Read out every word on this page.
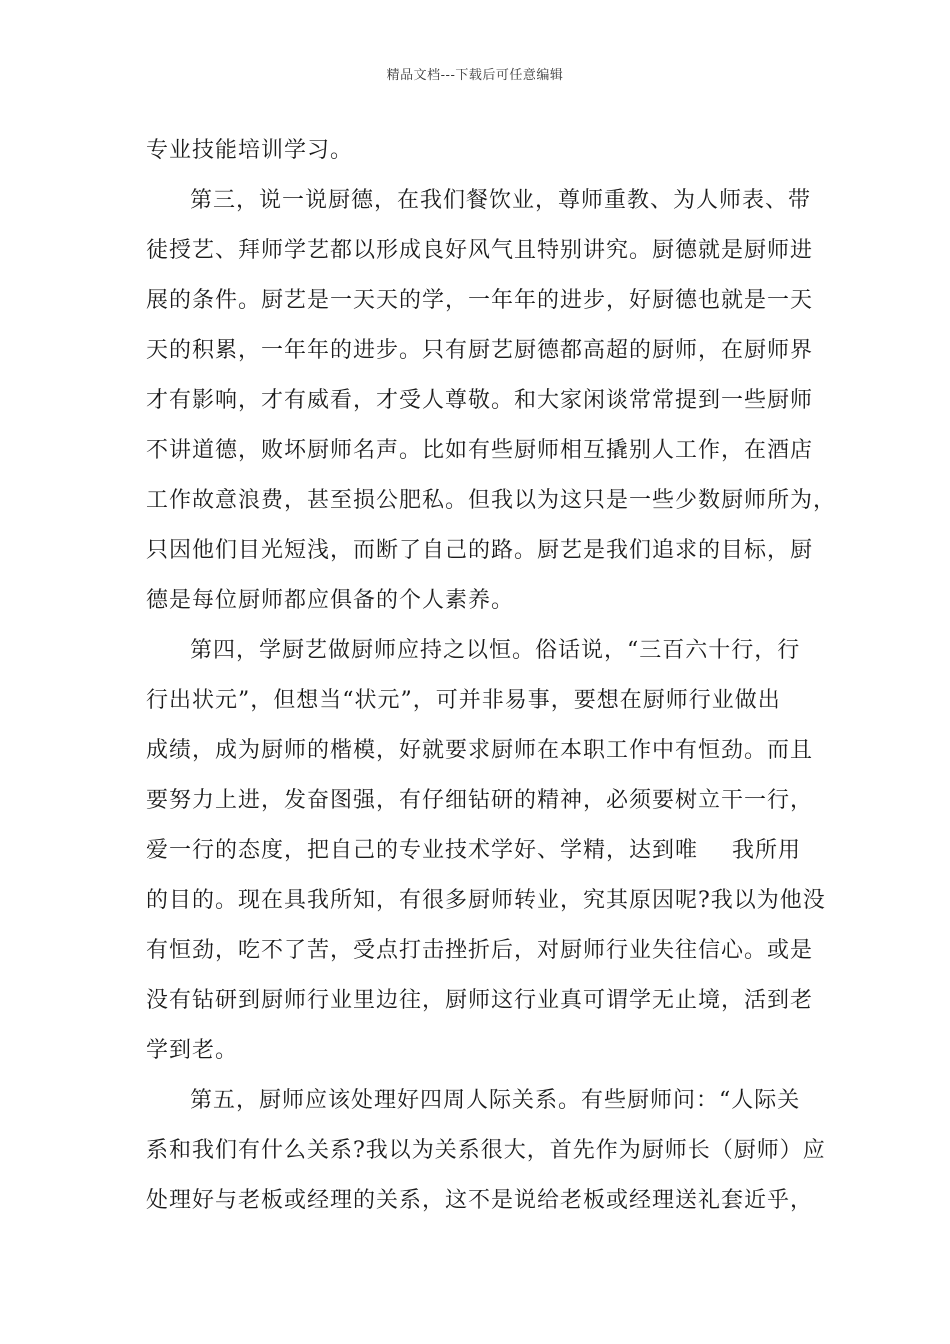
精品文档---下载后可任意编辑
专业技能培训学习。
第三，说一说厨德，在我们餐饮业，尊师重教、为人师表、带
徒授艺、拜师学艺都以形成良好风气且特别讲究。厨德就是厨师进
展的条件。厨艺是一天天的学，一年年的进步，好厨德也就是一天
天的积累，一年年的进步。只有厨艺厨德都高超的厨师，在厨师界
才有影响，才有威看，才受人尊敬。和大家闲谈常常提到一些厨师
不讲道德，败坏厨师名声。比如有些厨师相互撬别人工作，在酒店
工作故意浪费，甚至损公肥私。但我以为这只是一些少数厨师所为，
只因他们目光短浅，而断了自己的路。厨艺是我们追求的目标，厨
德是每位厨师都应俱备的个人素养。
第四，学厨艺做厨师应持之以恒。俗话说，“三百六十行，行
行出状元”，但想当“状元”，可并非易事，要想在厨师行业做出
成绩，成为厨师的楷模，好就要求厨师在本职工作中有恒劲。而且
要努力上进，发奋图强，有仔细钻研的精神，必须要树立干一行，
爱一行的态度，把自己的专业技术学好、学精，达到唯 我所用
的目的。现在具我所知，有很多厨师转业，究其原因呢?我以为他没
有恒劲，吃不了苦，受点打击挫折后，对厨师行业失往信心。或是
没有钻研到厨师行业里边往，厨师这行业真可谓学无止境，活到老
学到老。
第五，厨师应该处理好四周人际关系。有些厨师问：“人际关
系和我们有什么关系?我以为关系很大，首先作为厨师长（厨师）应
处理好与老板或经理的关系，这不是说给老板或经理送礼套近乎，
